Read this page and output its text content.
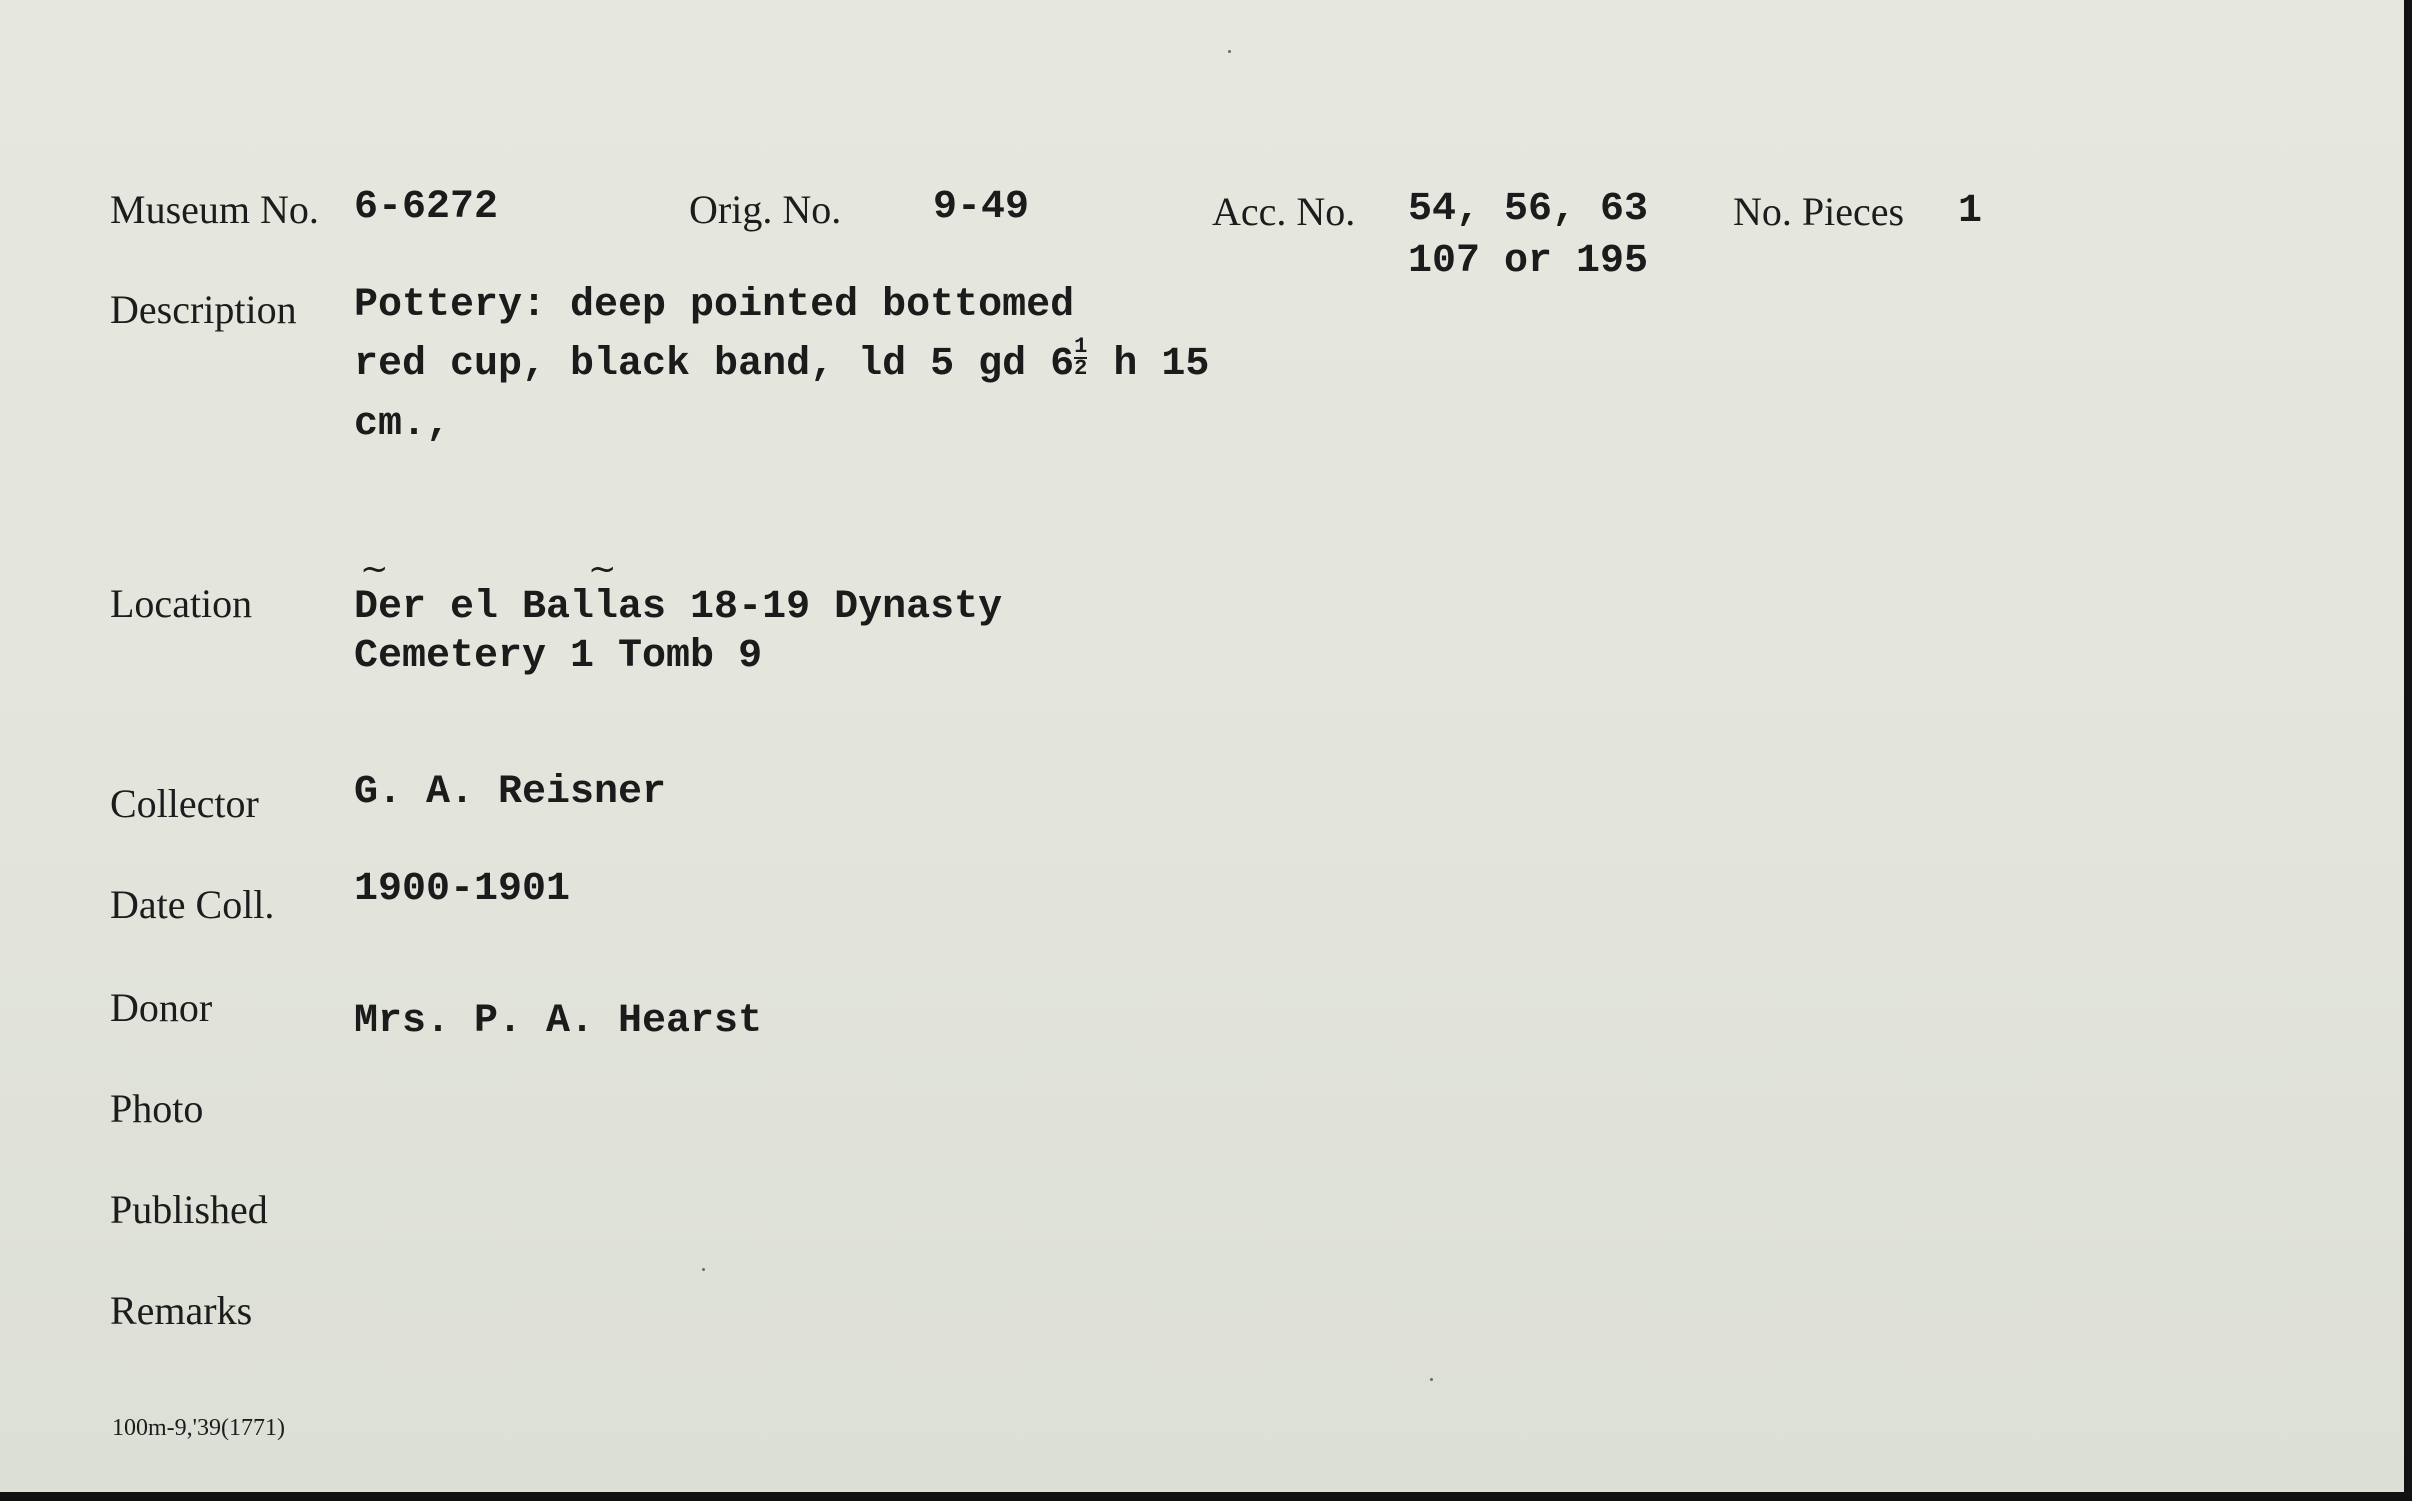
Museum No. 6-6272	Orig. No. 9-49	Acc. No. 54, 56, 63
107 or 195
No. Pieces 1
Description Pottery: deep pointed bottomed
red cup, black band, ld 5 gd $6 \frac{1}{2}$ h 15
cm.,
Location
~	~
Der el Ballas 18-19 Dynasty
Cemetery 1 Tomb 9
Collector G. A. Reisner
Date Coll. 1900-1901
Donor	Mrs. P. A. Hearst
Photo
Published
Remarks
100m-9,'39(1771)
